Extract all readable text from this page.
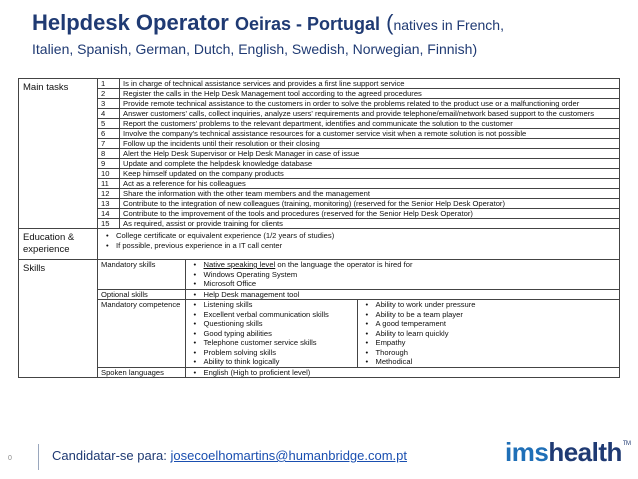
Helpdesk Operator Oeiras - Portugal (natives in French,
Italien, Spanish, German, Dutch, English, Swedish, Norwegian, Finnish)
Main tasks		1	Is in charge of technical assistance services and provides a first line support service
2	Register the calls in the Help Desk Management tool according to the agreed procedures
3	Provide remote technical assistance to the customers in order to solve the problems related to the product use or a malfunctioning order
4	Answer customers' calls, collect inquiries, analyze users' requirements and provide telephone/email/network based support to the customers
5	Report the customers' problems to the relevant department, identifies and communicate the solution to the customer
6	Involve the company's technical assistance resources for a customer service visit when a remote solution is not possible
7	Follow up the incidents until their resolution or their closing
8	Alert the Help Desk Supervisor or Help Desk Manager in case of issue
9	Update and complete the helpdesk knowledge database
10	Keep himself updated on the company products
11	Act as a reference for his colleagues
12	Share the information with the other team members and the management
13	Contribute to the integration of new colleagues (training, monitoring) (reserved for the Senior Help Desk Operator)
14	Contribute to the improvement of the tools and procedures (reserved for the Senior Help Desk Operator)
15	As required, assist or provide training for clients

Education & experience	
• College certificate or equivalent experience (1/2 years of studies)
• If possible, previous experience in a IT call center

Skills		Mandatory skills	
•Native speaking level on the language the operator is hired for
• Windows Operating System
• Microsoft Office

Optional skills	
•Help Desk management tool

Mandatory competence	
•Listening skills
• Excellent verbal communication skills
• Questioning skills
• Good typing abilities
• Telephone customer service skills
• Problem solving skills
• Ability to think logically

• Ability to work under pressure
• Ability to be a team player
• A good temperament
• Ability to learn quickly
• Empathy
• Thorough
• Methodical

Spoken languages	
•English (High to proficient level)
0	Candidatar-se para: josecoelhomartins@humanbridge.com.pt	imshealth™
